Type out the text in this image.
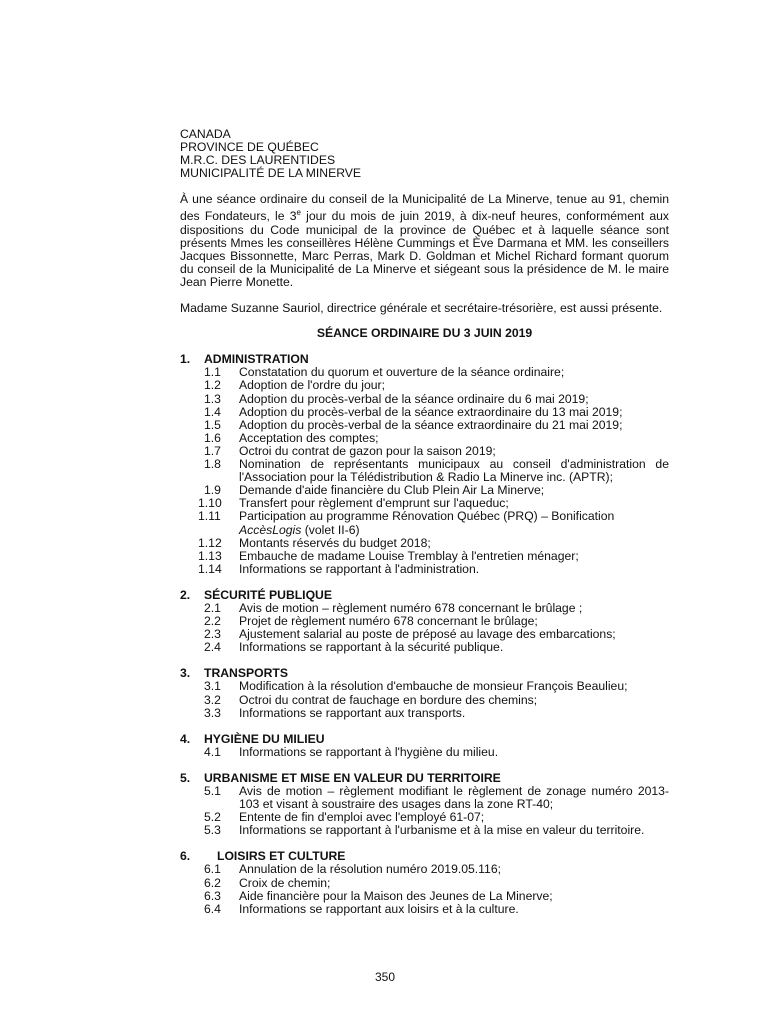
CANADA
PROVINCE DE QUÉBEC
M.R.C. DES LAURENTIDES
MUNICIPALITÉ DE LA MINERVE
À une séance ordinaire du conseil de la Municipalité de La Minerve, tenue au 91, chemin des Fondateurs, le 3e jour du mois de juin 2019, à dix-neuf heures, conformément aux dispositions du Code municipal de la province de Québec et à laquelle séance sont présents Mmes les conseillères Hélène Cummings et Ève Darmana et MM. les conseillers Jacques Bissonnette, Marc Perras, Mark D. Goldman et Michel Richard formant quorum du conseil de la Municipalité de La Minerve et siégeant sous la présidence de M. le maire Jean Pierre Monette.
Madame Suzanne Sauriol, directrice générale et secrétaire-trésorière, est aussi présente.
SÉANCE ORDINAIRE DU 3 JUIN 2019
1.	ADMINISTRATION
1.1	Constatation du quorum et ouverture de la séance ordinaire;
1.2	Adoption de l'ordre du jour;
1.3	Adoption du procès-verbal de la séance ordinaire du 6 mai 2019;
1.4	Adoption du procès-verbal de la séance extraordinaire du 13 mai 2019;
1.5	Adoption du procès-verbal de la séance extraordinaire du 21 mai 2019;
1.6	Acceptation des comptes;
1.7	Octroi du contrat de gazon pour la saison 2019;
1.8	Nomination de représentants municipaux au conseil d'administration de l'Association pour la Télédistribution & Radio La Minerve inc. (APTR);
1.9	Demande d'aide financière du Club Plein Air La Minerve;
1.10	Transfert pour règlement d'emprunt sur l'aqueduc;
1.11	Participation au programme Rénovation Québec (PRQ) – Bonification
AccèsLogis (volet II-6)
1.12	Montants réservés du budget 2018;
1.13	Embauche de madame Louise Tremblay à l'entretien ménager;
1.14	Informations se rapportant à l'administration.
2.	SÉCURITÉ PUBLIQUE
2.1	Avis de motion – règlement numéro 678 concernant le brûlage ;
2.2	Projet de règlement numéro 678 concernant le brûlage;
2.3	Ajustement salarial au poste de préposé au lavage des embarcations;
2.4	Informations se rapportant à la sécurité publique.
3.	TRANSPORTS
3.1	Modification à la résolution d'embauche de monsieur François Beaulieu;
3.2	Octroi du contrat de fauchage en bordure des chemins;
3.3	Informations se rapportant aux transports.
4.	HYGIÈNE DU MILIEU
4.1	Informations se rapportant à l'hygiène du milieu.
5.	URBANISME ET MISE EN VALEUR DU TERRITOIRE
5.1	Avis de motion – règlement modifiant le règlement de zonage numéro 2013-103 et visant à soustraire des usages dans la zone RT-40;
5.2	Entente de fin d'emploi avec l'employé 61-07;
5.3	Informations se rapportant à l'urbanisme et à la mise en valeur du territoire.
6.	LOISIRS ET CULTURE
6.1	Annulation de la résolution numéro 2019.05.116;
6.2	Croix de chemin;
6.3	Aide financière pour la Maison des Jeunes de La Minerve;
6.4	Informations se rapportant aux loisirs et à la culture.
350
